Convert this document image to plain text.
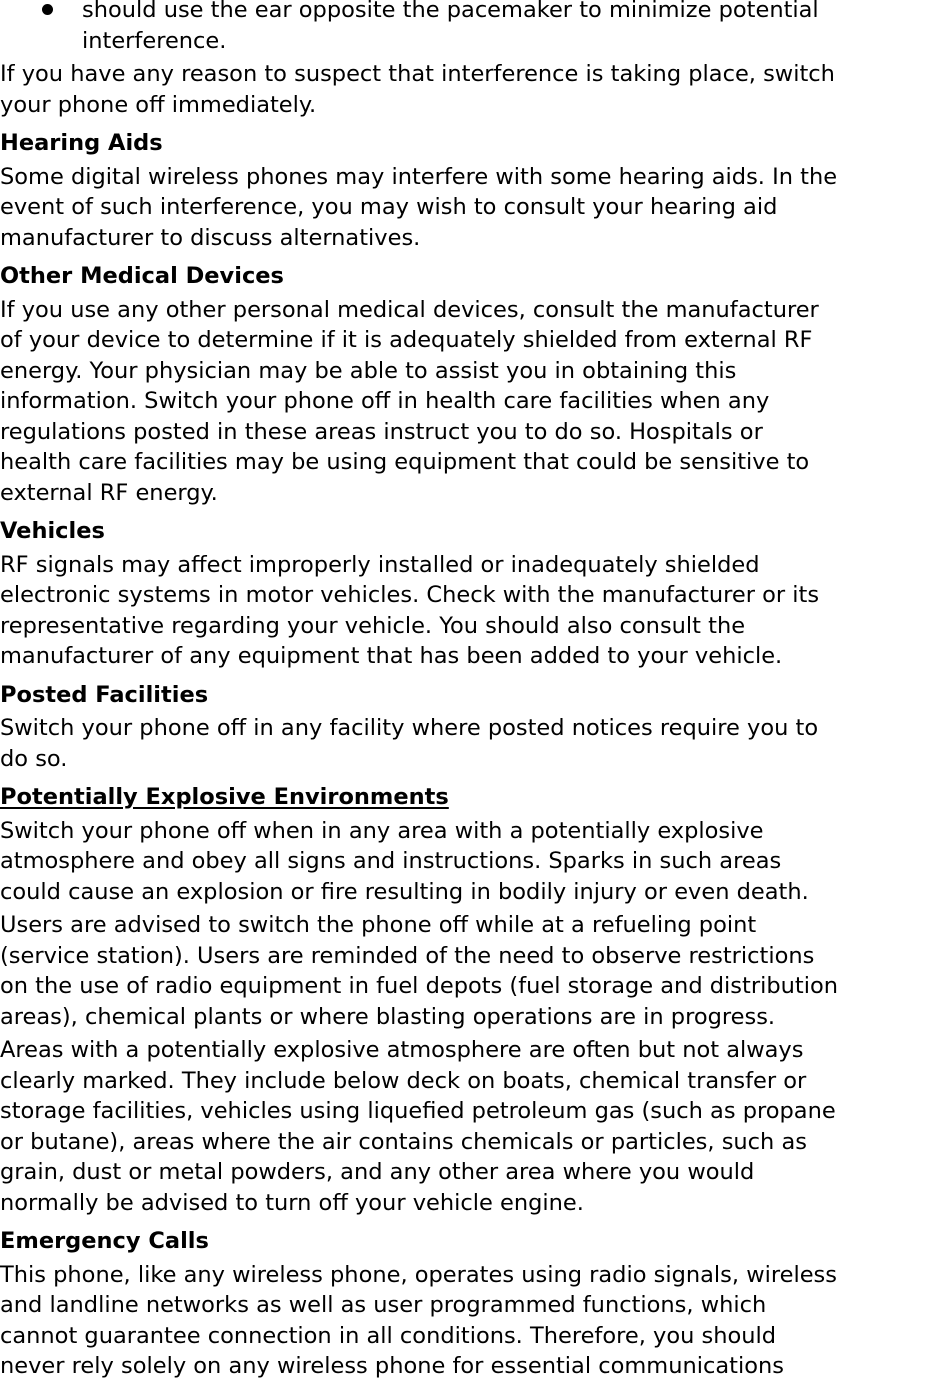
should use the ear opposite the pacemaker to minimize potential
interference.

If you have any reason to suspect that interference is taking place, switch
your phone off immediately.

Hearing Aids

Some digital wireless phones may interfere with some hearing aids. In the
event of such interference, you may wish to consult your hearing aid
manufacturer to discuss alternatives.

Other Medical Devices

If you use any other personal medical devices, consult the manufacturer
of your device to determine if it is adequately shielded from external RF
energy. Your physician may be able to assist you in obtaining this
information. Switch your phone off in health care facilities when any
regulations posted in these areas instruct you to do so. Hospitals or
health care facilities may be using equipment that could be sensitive to
external RF energy.

Vehicles

RF signals may affect improperly installed or inadequately shielded
electronic systems in motor vehicles. Check with the manufacturer or its
representative regarding your vehicle. You should also consult the
manufacturer of any equipment that has been added to your vehicle.

Posted Facilities

Switch your phone off in any facility where posted notices require you to
do so.

Potentially Explosive Environments

Switch your phone off when in any area with a potentially explosive
atmosphere and obey all signs and instructions. Sparks in such areas
could cause an explosion or fire resulting in bodily injury or even death.

Users are advised to switch the phone off while at a refueling point
(service station). Users are reminded of the need to observe restrictions
on the use of radio equipment in fuel depots (fuel storage and distribution
areas), chemical plants or where blasting operations are in progress.

Areas with a potentially explosive atmosphere are often but not always
clearly marked. They include below deck on boats, chemical transfer or
storage facilities, vehicles using liquefied petroleum gas (such as propane
or butane), areas where the air contains chemicals or particles, such as
grain, dust or metal powders, and any other area where you would
normally be advised to turn off your vehicle engine.

Emergency Calls

This phone, like any wireless phone, operates using radio signals, wireless
and landline networks as well as user programmed functions, which
cannot guarantee connection in all conditions. Therefore, you should
never rely solely on any wireless phone for essential communications
